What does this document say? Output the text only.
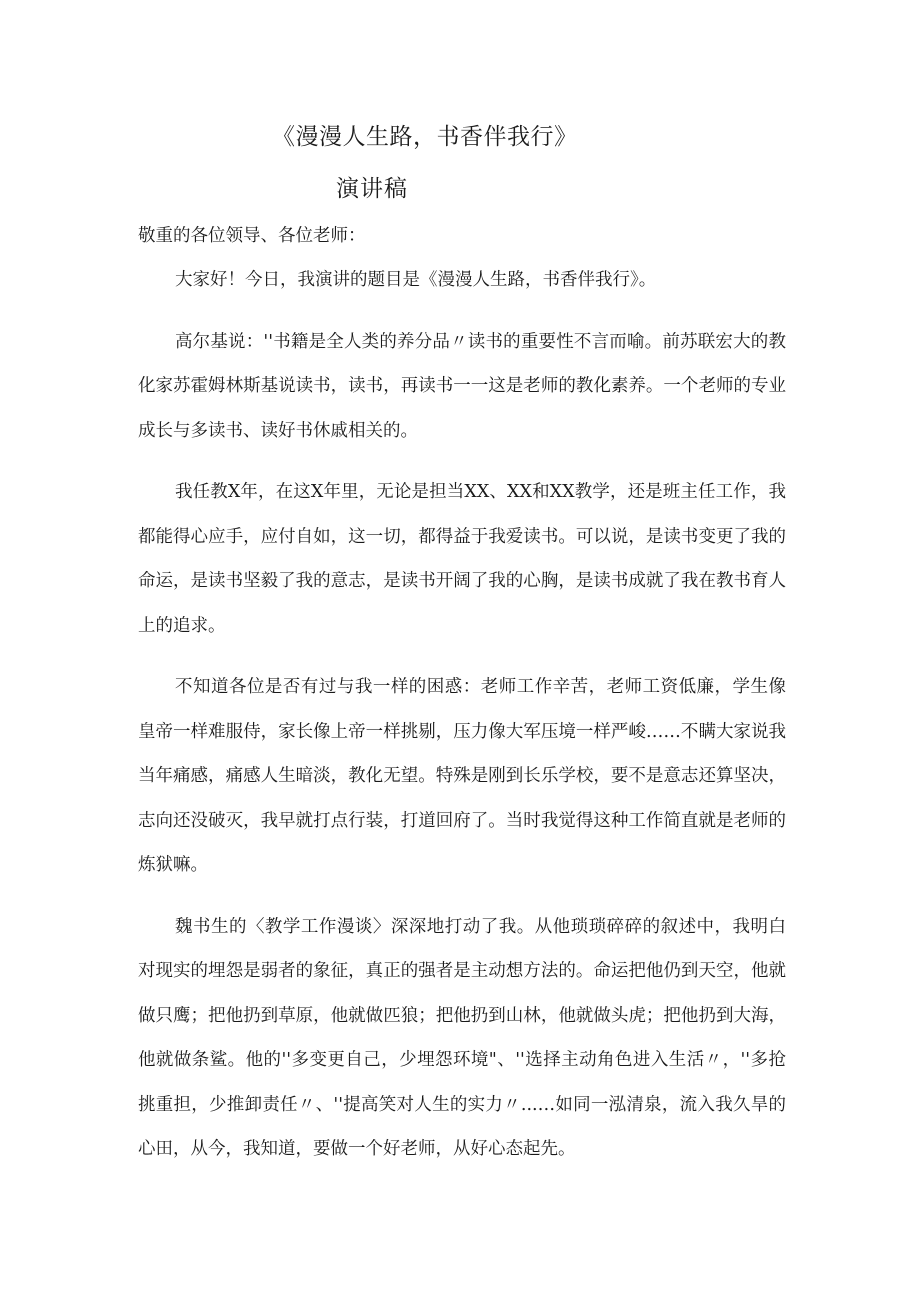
《漫漫人生路，书香伴我行》
演讲稿
敬重的各位领导、各位老师：

大家好！今日，我演讲的题目是《漫漫人生路，书香伴我行》。

高尔基说：''书籍是全人类的养分品〃读书的重要性不言而喻。前苏联宏大的教化家苏霍姆林斯基说读书，读书，再读书一一这是老师的教化素养。一个老师的专业成长与多读书、读好书休戚相关的。

我任教X年，在这X年里，无论是担当XX、XX和XX教学，还是班主任工作，我都能得心应手，应付自如，这一切，都得益于我爱读书。可以说，是读书变更了我的命运，是读书坚毅了我的意志，是读书开阔了我的心胸，是读书成就了我在教书育人上的追求。

不知道各位是否有过与我一样的困惑：老师工作辛苦，老师工资低廉，学生像皇帝一样难服侍，家长像上帝一样挑剔，压力像大军压境一样严峻……不瞒大家说我当年痛感，痛感人生暗淡，教化无望。特殊是刚到长乐学校，要不是意志还算坚决，志向还没破灭，我早就打点行装，打道回府了。当时我觉得这种工作简直就是老师的炼狱嘛。

魏书生的〈教学工作漫谈〉深深地打动了我。从他琐琐碎碎的叙述中，我明白对现实的埋怨是弱者的象征，真正的强者是主动想方法的。命运把他仍到天空，他就做只鹰；把他扔到草原，他就做匹狼；把他扔到山林，他就做头虎；把他扔到大海，他就做条鲨。他的''多变更自己，少埋怨环境"、''选择主动角色进入生活〃，''多抢挑重担，少推卸责任〃、''提高笑对人生的实力〃...…如同一泓清泉，流入我久旱的心田，从今，我知道，要做一个好老师，从好心态起先。
